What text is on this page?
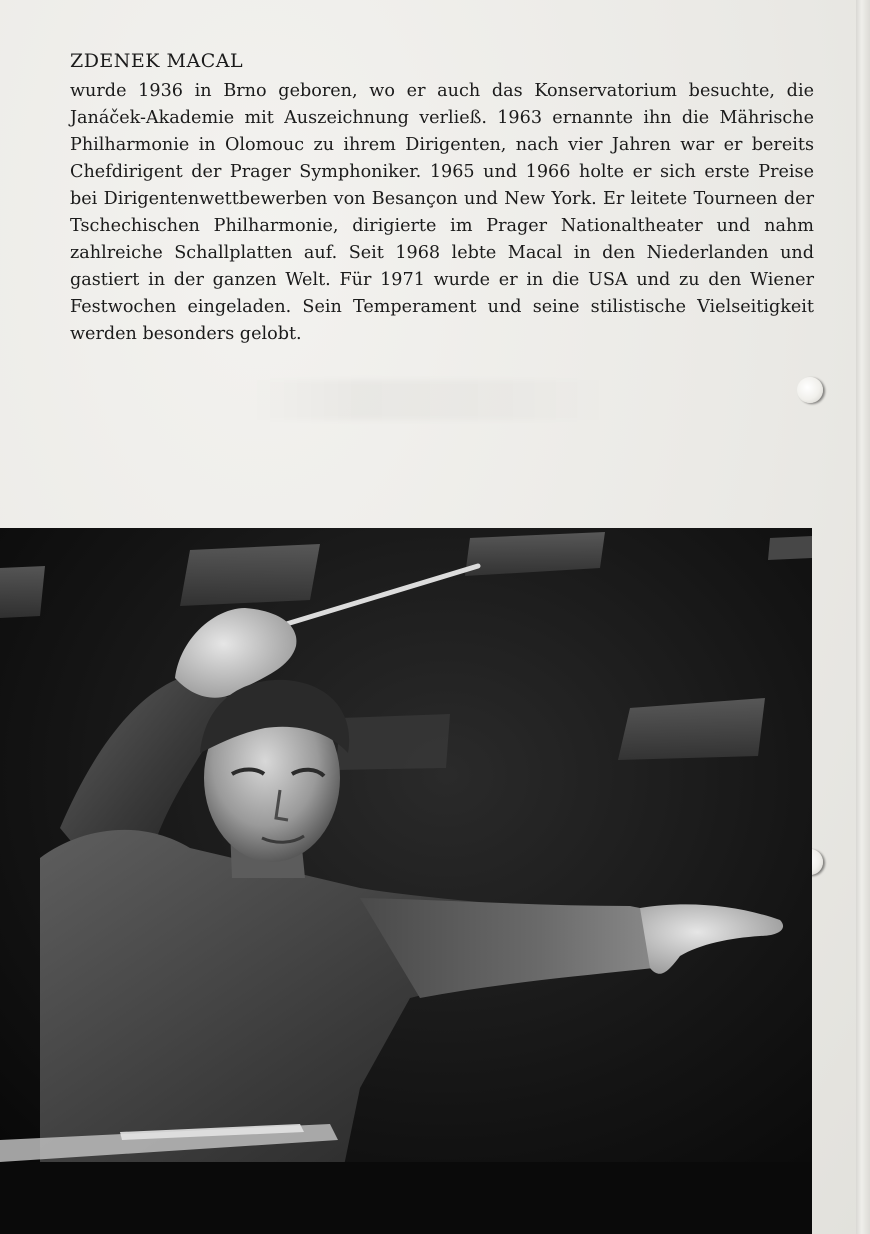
ZDENEK MACAL

wurde 1936 in Brno geboren, wo er auch das Konservatorium besuchte, die Janáček-Akademie mit Auszeichnung verließ. 1963 ernannte ihn die Mährische Philharmonie in Olomouc zu ihrem Dirigenten, nach vier Jahren war er bereits Chefdirigent der Prager Symphoniker. 1965 und 1966 holte er sich erste Preise bei Dirigentenwettbewerben von Besançon und New York. Er leitete Tourneen der Tschechischen Philharmonie, dirigierte im Prager Nationaltheater und nahm zahlreiche Schallplatten auf. Seit 1968 lebte Macal in den Niederlanden und gastiert in der ganzen Welt. Für 1971 wurde er in die USA und zu den Wiener Festwochen eingeladen. Sein Temperament und seine stilistische Vielseitigkeit werden besonders gelobt.
